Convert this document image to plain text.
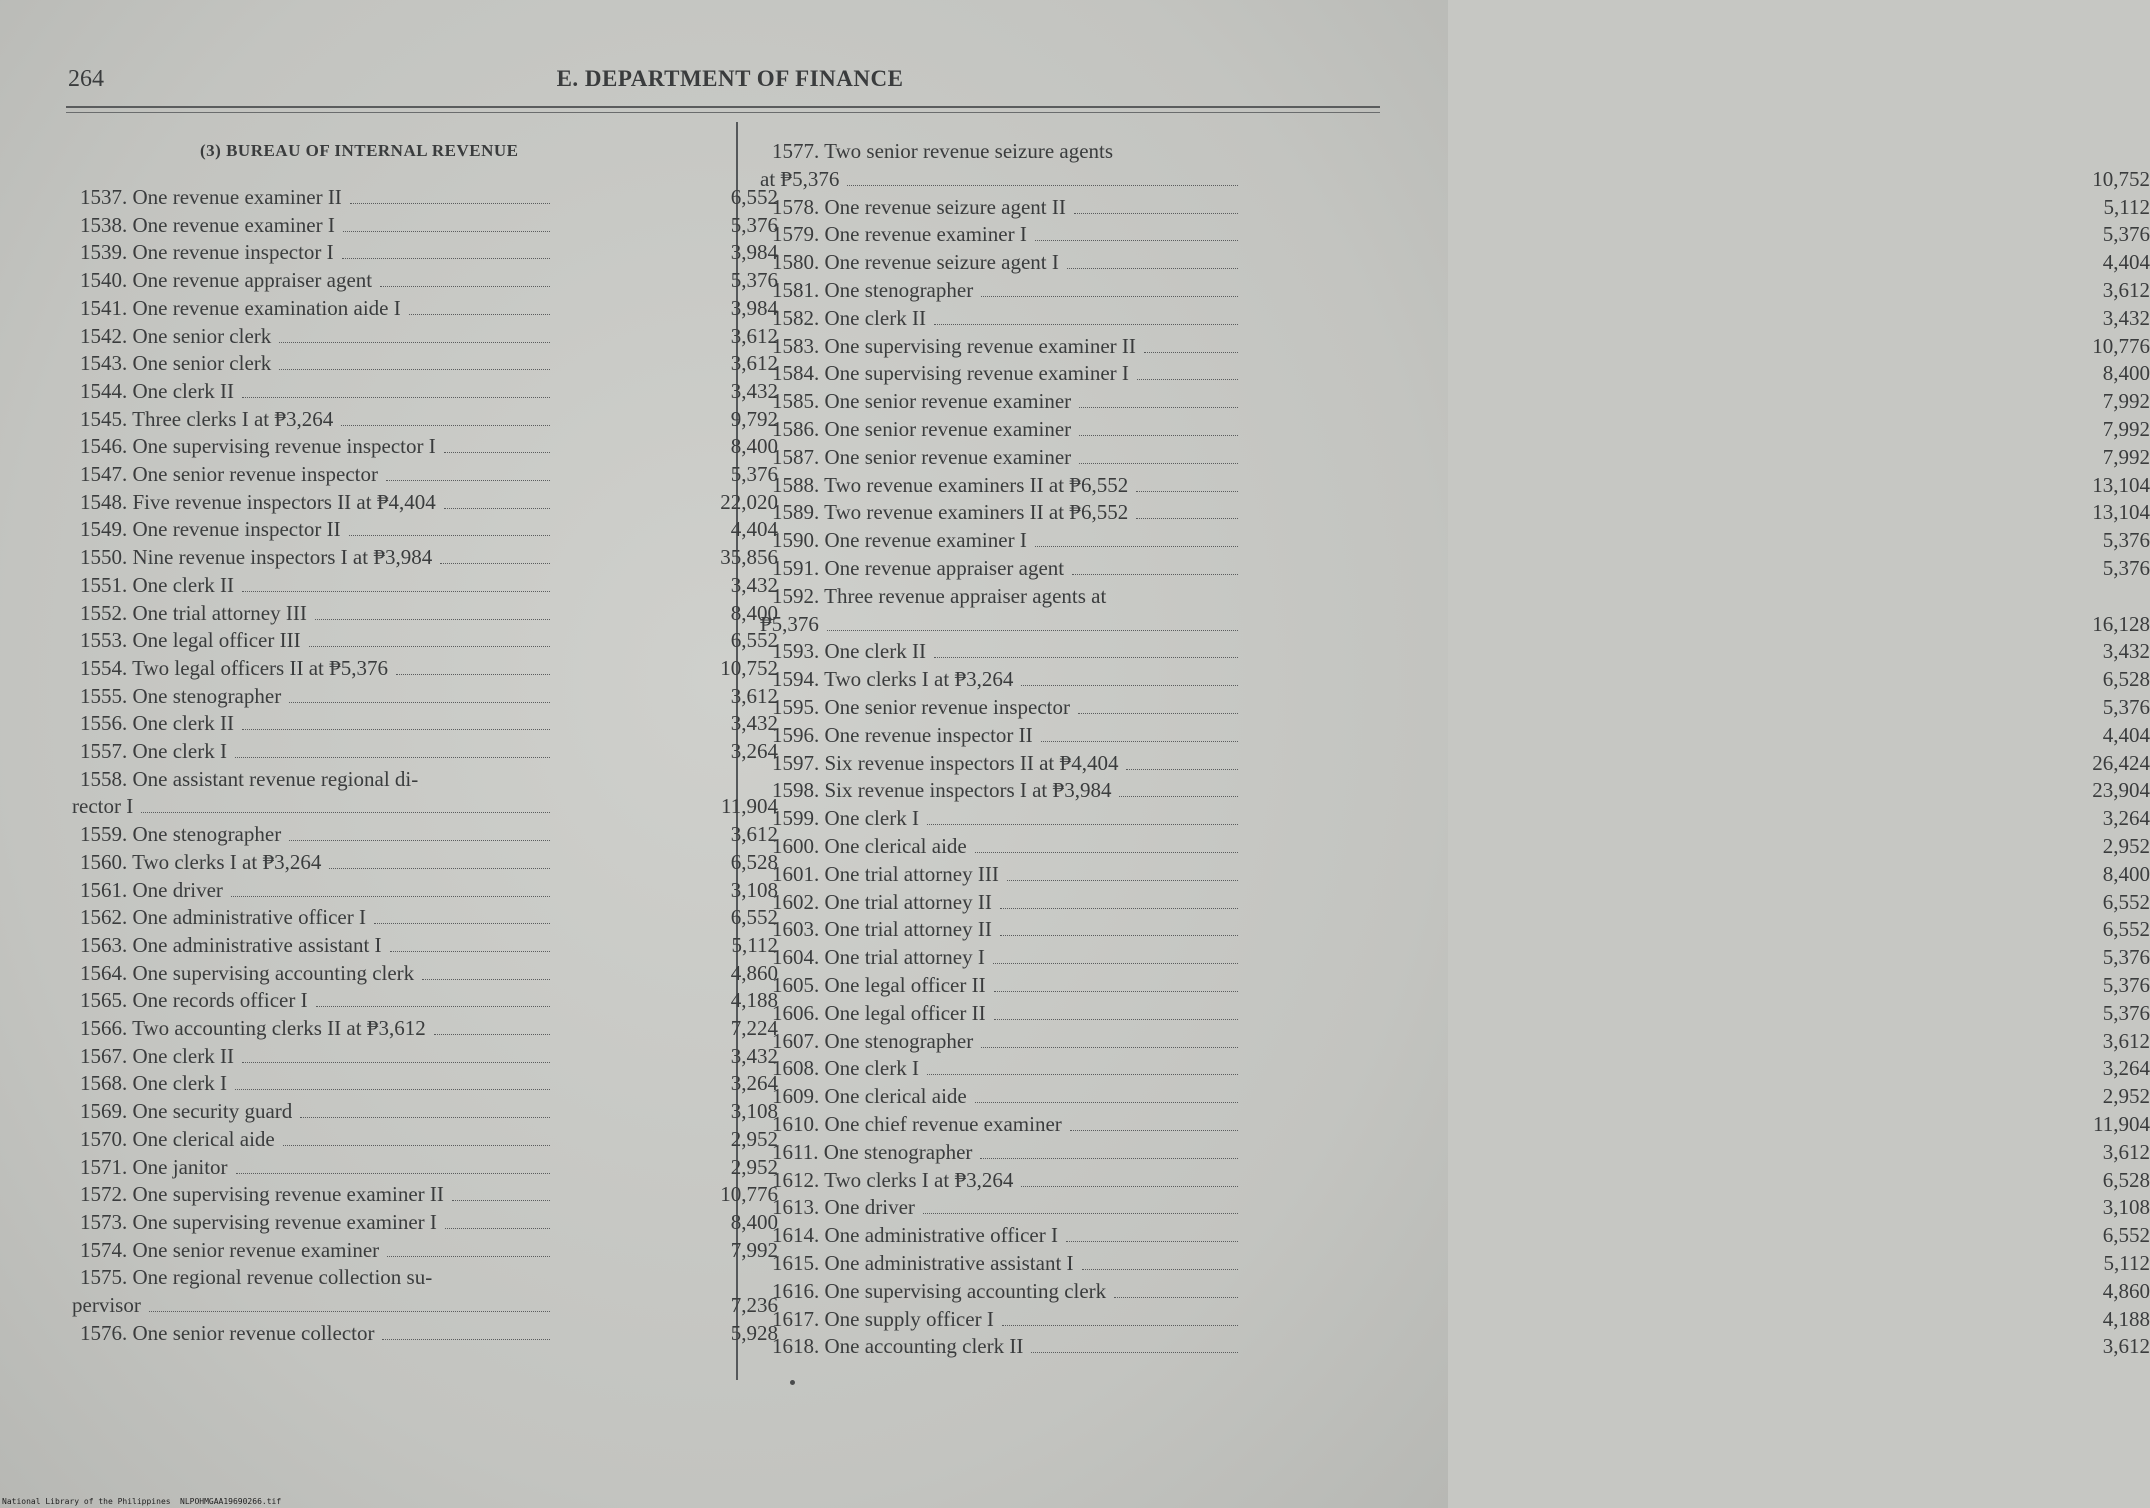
264	E. DEPARTMENT OF FINANCE
(3) BUREAU OF INTERNAL REVENUE
1537. One revenue examiner II	6,552
1538. One revenue examiner I	5,376
1539. One revenue inspector I	3,984
1540. One revenue appraiser agent	5,376
1541. One revenue examination aide I	3,984
1542. One senior clerk	3,612
1543. One senior clerk	3,612
1544. One clerk II	3,432
1545. Three clerks I at ₱3,264	9,792
1546. One supervising revenue inspector I	8,400
1547. One senior revenue inspector	5,376
1548. Five revenue inspectors II at ₱4,404	22,020
1549. One revenue inspector II	4,404
1550. Nine revenue inspectors I at ₱3,984	35,856
1551. One clerk II	3,432
1552. One trial attorney III	8,400
1553. One legal officer III	6,552
1554. Two legal officers II at ₱5,376	10,752
1555. One stenographer	3,612
1556. One clerk II	3,432
1557. One clerk I	3,264
1558. One assistant revenue regional di-
rector I	11,904
1559. One stenographer	3,612
1560. Two clerks I at ₱3,264	6,528
1561. One driver	3,108
1562. One administrative officer I	6,552
1563. One administrative assistant I	5,112
1564. One supervising accounting clerk	4,860
1565. One records officer I	4,188
1566. Two accounting clerks II at ₱3,612	7,224
1567. One clerk II	3,432
1568. One clerk I	3,264
1569. One security guard	3,108
1570. One clerical aide	2,952
1571. One janitor	2,952
1572. One supervising revenue examiner II	10,776
1573. One supervising revenue examiner I	8,400
1574. One senior revenue examiner	7,992
1575. One regional revenue collection su-
pervisor	7,236
1576. One senior revenue collector	5,928
1577. Two senior revenue seizure agents
at ₱5,376	10,752
1578. One revenue seizure agent II	5,112
1579. One revenue examiner I	5,376
1580. One revenue seizure agent I	4,404
1581. One stenographer	3,612
1582. One clerk II	3,432
1583. One supervising revenue examiner II	10,776
1584. One supervising revenue examiner I	8,400
1585. One senior revenue examiner	7,992
1586. One senior revenue examiner	7,992
1587. One senior revenue examiner	7,992
1588. Two revenue examiners II at ₱6,552	13,104
1589. Two revenue examiners II at ₱6,552	13,104
1590. One revenue examiner I	5,376
1591. One revenue appraiser agent	5,376
1592. Three revenue appraiser agents at
₱5,376	16,128
1593. One clerk II	3,432
1594. Two clerks I at ₱3,264	6,528
1595. One senior revenue inspector	5,376
1596. One revenue inspector II	4,404
1597. Six revenue inspectors II at ₱4,404	26,424
1598. Six revenue inspectors I at ₱3,984	23,904
1599. One clerk I	3,264
1600. One clerical aide	2,952
1601. One trial attorney III	8,400
1602. One trial attorney II	6,552
1603. One trial attorney II	6,552
1604. One trial attorney I	5,376
1605. One legal officer II	5,376
1606. One legal officer II	5,376
1607. One stenographer	3,612
1608. One clerk I	3,264
1609. One clerical aide	2,952
1610. One chief revenue examiner	11,904
1611. One stenographer	3,612
1612. Two clerks I at ₱3,264	6,528
1613. One driver	3,108
1614. One administrative officer I	6,552
1615. One administrative assistant I	5,112
1616. One supervising accounting clerk	4,860
1617. One supply officer I	4,188
1618. One accounting clerk II	3,612
National Library of the Philippines NLPOHMGAA19690266.tif
